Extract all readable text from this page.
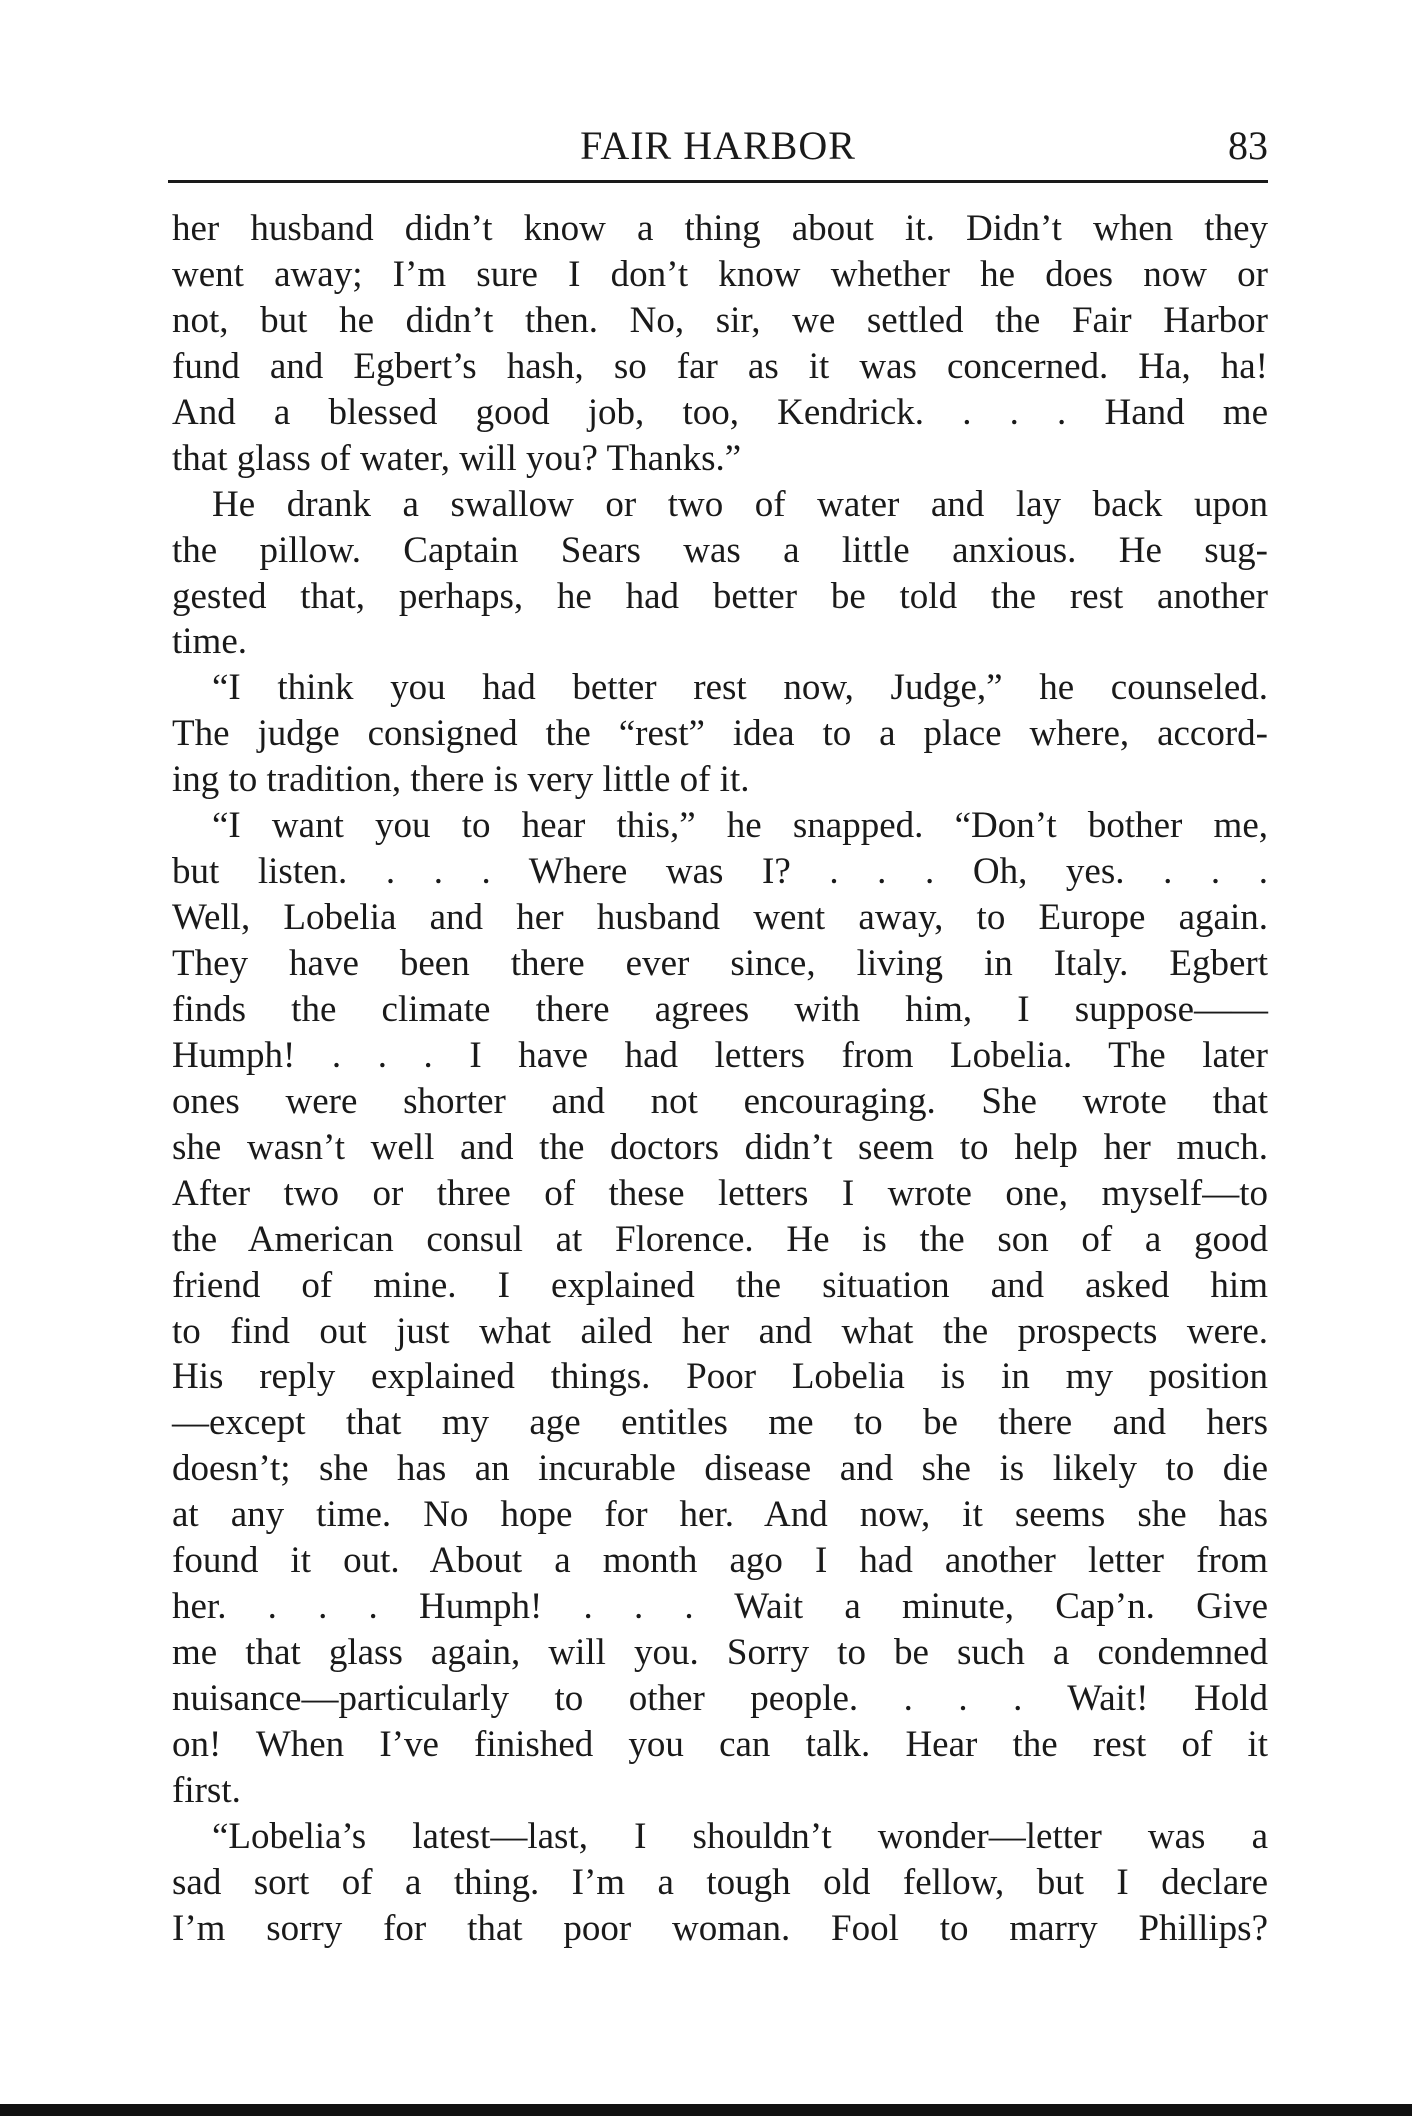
FAIR HARBOR	83
her husband didn’t know a thing about it. Didn’t when they
went away; I’m sure I don’t know whether he does now or
not, but he didn’t then. No, sir, we settled the Fair Harbor
fund and Egbert’s hash, so far as it was concerned. Ha, ha!
And a blessed good job, too, Kendrick. . . . Hand me
that glass of water, will you? Thanks.”
He drank a swallow or two of water and lay back upon
the pillow. Captain Sears was a little anxious. He sug-
gested that, perhaps, he had better be told the rest another
time.
“I think you had better rest now, Judge,” he counseled.
The judge consigned the “rest” idea to a place where, accord-
ing to tradition, there is very little of it.
“I want you to hear this,” he snapped. “Don’t bother me,
but listen. . . . Where was I? . . . Oh, yes. . . .
Well, Lobelia and her husband went away, to Europe again.
They have been there ever since, living in Italy. Egbert
finds the climate there agrees with him, I suppose——
Humph! . . . I have had letters from Lobelia. The later
ones were shorter and not encouraging. She wrote that
she wasn’t well and the doctors didn’t seem to help her much.
After two or three of these letters I wrote one, myself—to
the American consul at Florence. He is the son of a good
friend of mine. I explained the situation and asked him
to find out just what ailed her and what the prospects were.
His reply explained things. Poor Lobelia is in my position
—except that my age entitles me to be there and hers
doesn’t; she has an incurable disease and she is likely to die
at any time. No hope for her. And now, it seems she has
found it out. About a month ago I had another letter from
her. . . . Humph! . . . Wait a minute, Cap’n. Give
me that glass again, will you. Sorry to be such a condemned
nuisance—particularly to other people. . . . Wait! Hold
on! When I’ve finished you can talk. Hear the rest of it
first.
“Lobelia’s latest—last, I shouldn’t wonder—letter was a
sad sort of a thing. I’m a tough old fellow, but I declare
I’m sorry for that poor woman. Fool to marry Phillips?
